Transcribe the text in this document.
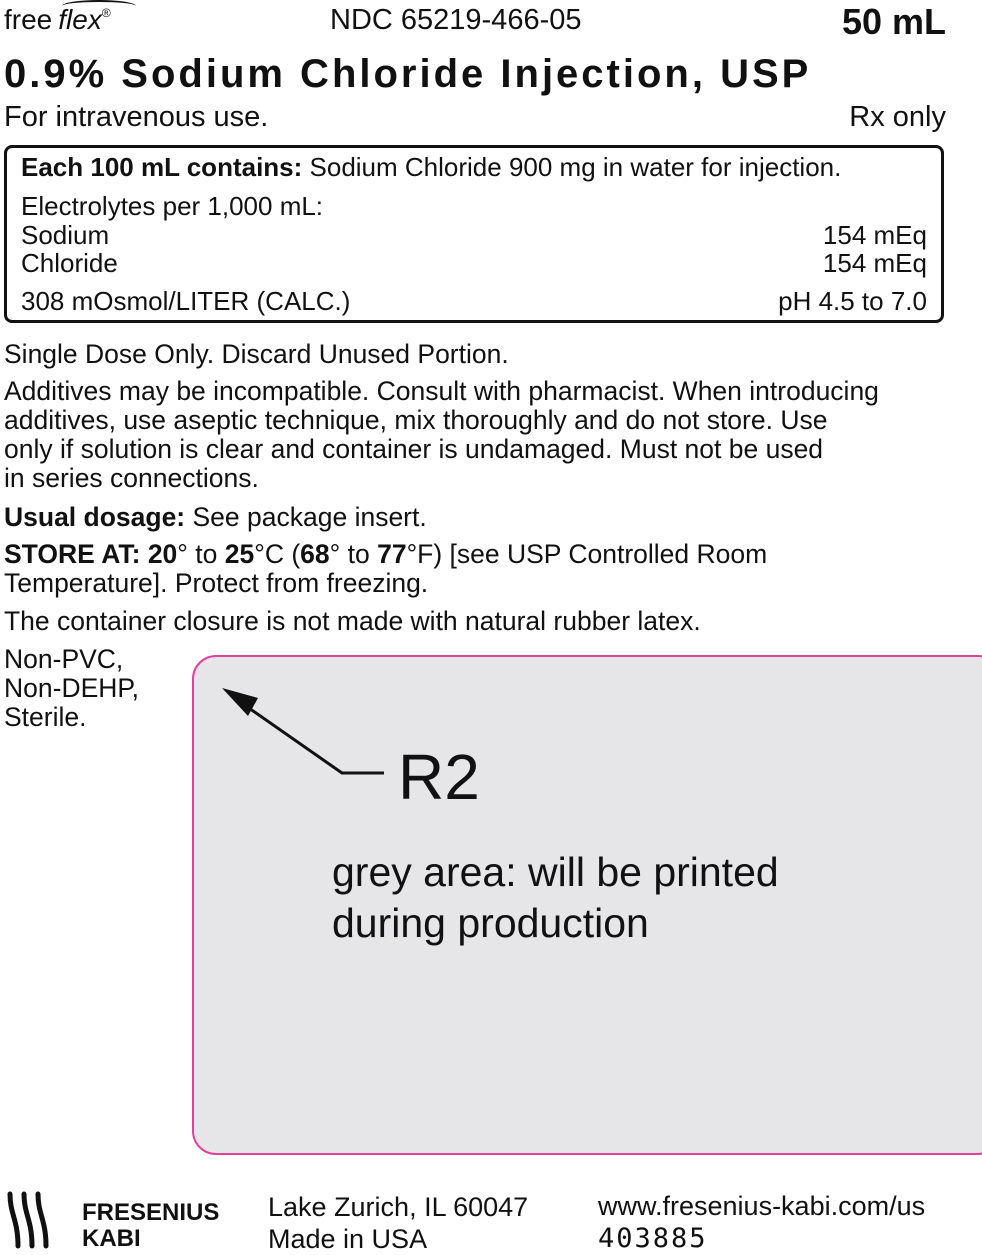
free flex®	NDC 65219-466-05	50 mL
0.9% Sodium Chloride Injection, USP
For intravenous use.	Rx only
Each 100 mL contains: Sodium Chloride 900 mg in water for injection.
Electrolytes per 1,000 mL:
Sodium	154 mEq
Chloride	154 mEq
308 mOsmol/LITER (CALC.)	pH 4.5 to 7.0
Single Dose Only. Discard Unused Portion.
Additives may be incompatible. Consult with pharmacist. When introducing
additives, use aseptic technique, mix thoroughly and do not store. Use
only if solution is clear and container is undamaged. Must not be used
in series connections.
Usual dosage: See package insert.
STORE AT: 20° to 25°C (68° to 77°F) [see USP Controlled Room
Temperature]. Protect from freezing.
The container closure is not made with natural rubber latex.
Non-PVC,
Non-DEHP,
Sterile.
R2
grey area: will be printed
during production
FRESENIUS
KABI
Lake Zurich, IL 60047
Made in USA
www.fresenius-kabi.com/us
403885
